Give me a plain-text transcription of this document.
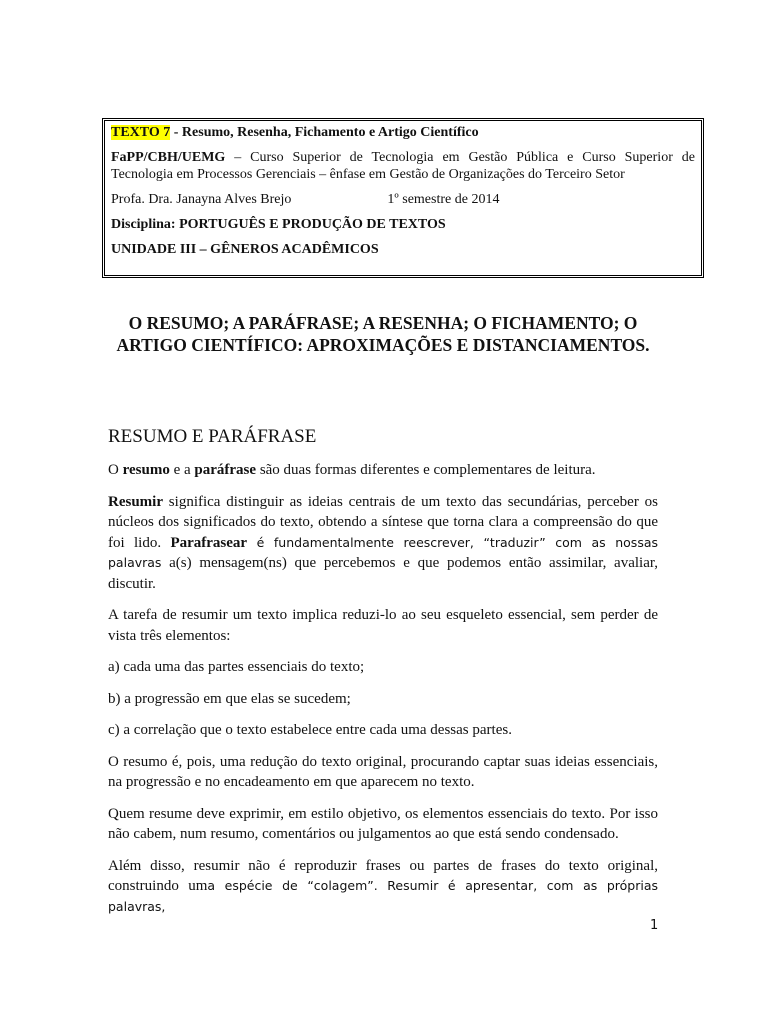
TEXTO 7 - Resumo, Resenha, Fichamento e Artigo Científico

FaPP/CBH/UEMG – Curso Superior de Tecnologia em Gestão Pública e Curso Superior de Tecnologia em Processos Gerenciais – ênfase em Gestão de Organizações do Terceiro Setor

Profa. Dra. Janayna Alves Brejo	1º semestre de 2014

Disciplina: PORTUGUÊS E PRODUÇÃO DE TEXTOS

UNIDADE III – GÊNEROS ACADÊMICOS

O RESUMO; A PARÁFRASE; A RESENHA; O FICHAMENTO; O ARTIGO CIENTÍFICO: APROXIMAÇÕES E DISTANCIAMENTOS.
RESUMO E PARÁFRASE

O resumo e a paráfrase são duas formas diferentes e complementares de leitura.

Resumir significa distinguir as ideias centrais de um texto das secundárias, perceber os núcleos dos significados do texto, obtendo a síntese que torna clara a compreensão do que foi lido. Parafrasear é fundamentalmente reescrever, “traduzir” com as nossas palavras a(s) mensagem(ns) que percebemos e que podemos então assimilar, avaliar, discutir.

A tarefa de resumir um texto implica reduzi-lo ao seu esqueleto essencial, sem perder de vista três elementos:

a) cada uma das partes essenciais do texto;

b) a progressão em que elas se sucedem;

c) a correlação que o texto estabelece entre cada uma dessas partes.

O resumo é, pois, uma redução do texto original, procurando captar suas ideias essenciais, na progressão e no encadeamento em que aparecem no texto.

Quem resume deve exprimir, em estilo objetivo, os elementos essenciais do texto. Por isso não cabem, num resumo, comentários ou julgamentos ao que está sendo condensado.

Além disso, resumir não é reproduzir frases ou partes de frases do texto original, construindo uma espécie de “colagem”. Resumir é apresentar, com as próprias palavras,

1
